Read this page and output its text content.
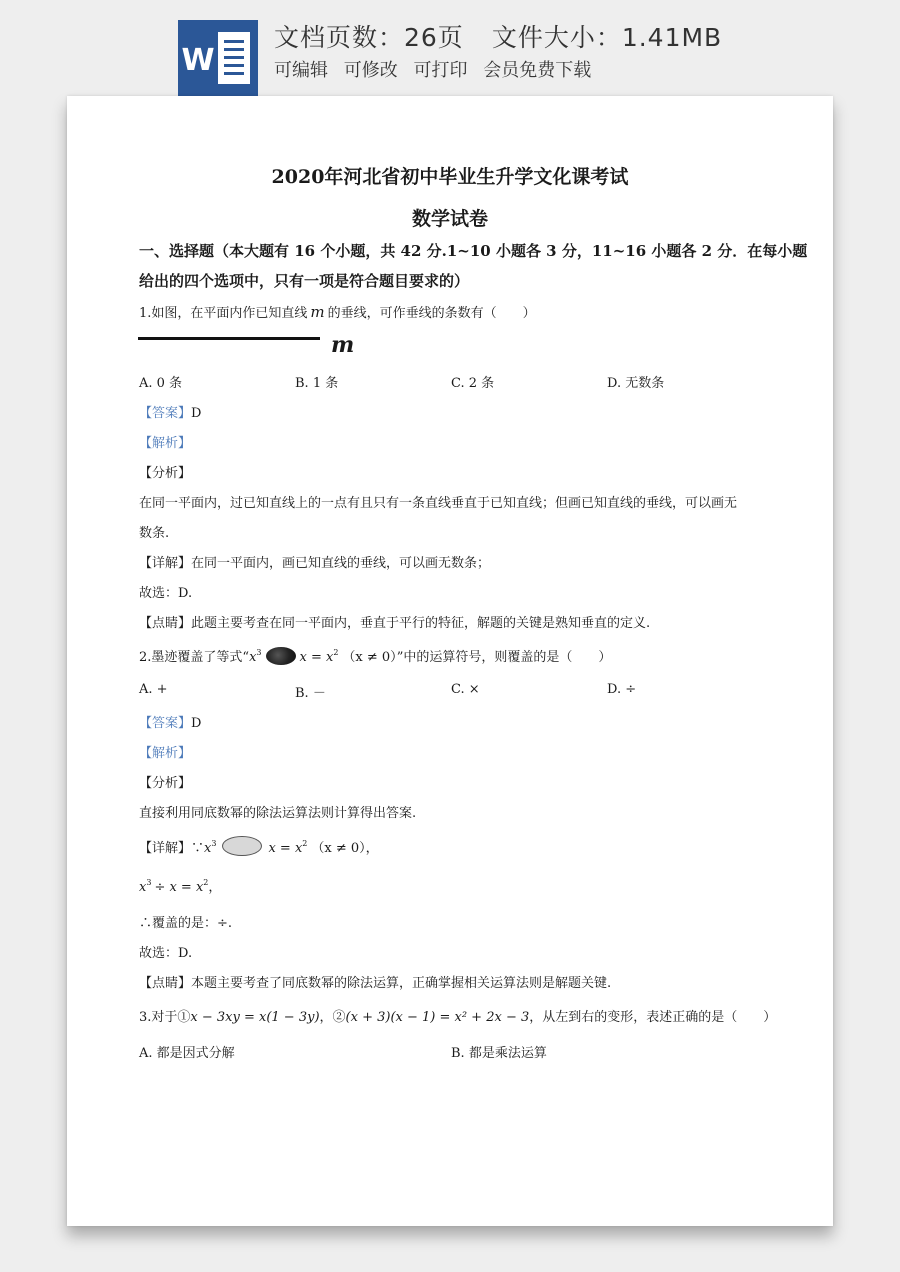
W
文档页数：26页 文件大小：1.41MB
可编辑 可修改 可打印 会员免费下载
2020年河北省初中毕业生升学文化课考试
数学试卷
一、选择题（本大题有 16 个小题，共 42 分.1~10 小题各 3 分，11~16 小题各 2 分．在每小题
给出的四个选项中，只有一项是符合题目要求的）
1.如图，在平面内作已知直线 m 的垂线，可作垂线的条数有（　　）
m
A. 0 条	B. 1 条	C. 2 条	D. 无数条
【答案】D
【解析】
【分析】
在同一平面内，过已知直线上的一点有且只有一条直线垂直于已知直线；但画已知直线的垂线，可以画无
数条.
【详解】在同一平面内，画已知直线的垂线，可以画无数条；
故选：D.
【点睛】此题主要考查在同一平面内，垂直于平行的特征，解题的关键是熟知垂直的定义.
2.墨迹覆盖了等式“$x^3$	$x = x^2$ （x ≠ 0）”中的运算符号，则覆盖的是（　　）
A. +	B. －	C. ×	D. ÷
【答案】D
【解析】
【分析】
直接利用同底数幂的除法运算法则计算得出答案.
【详解】$\because x^3$	$x = x^2$ （x ≠ 0），
$x^3 \div x = x^2$，
∴覆盖的是：÷.
故选：D.
【点睛】本题主要考查了同底数幂的除法运算，正确掌握相关运算法则是解题关键.
3.对于①x − 3xy = x(1 − 3y)，②(x + 3)(x − 1) = x² + 2x − 3，从左到右的变形，表述正确的是（　　）
A. 都是因式分解	B. 都是乘法运算
